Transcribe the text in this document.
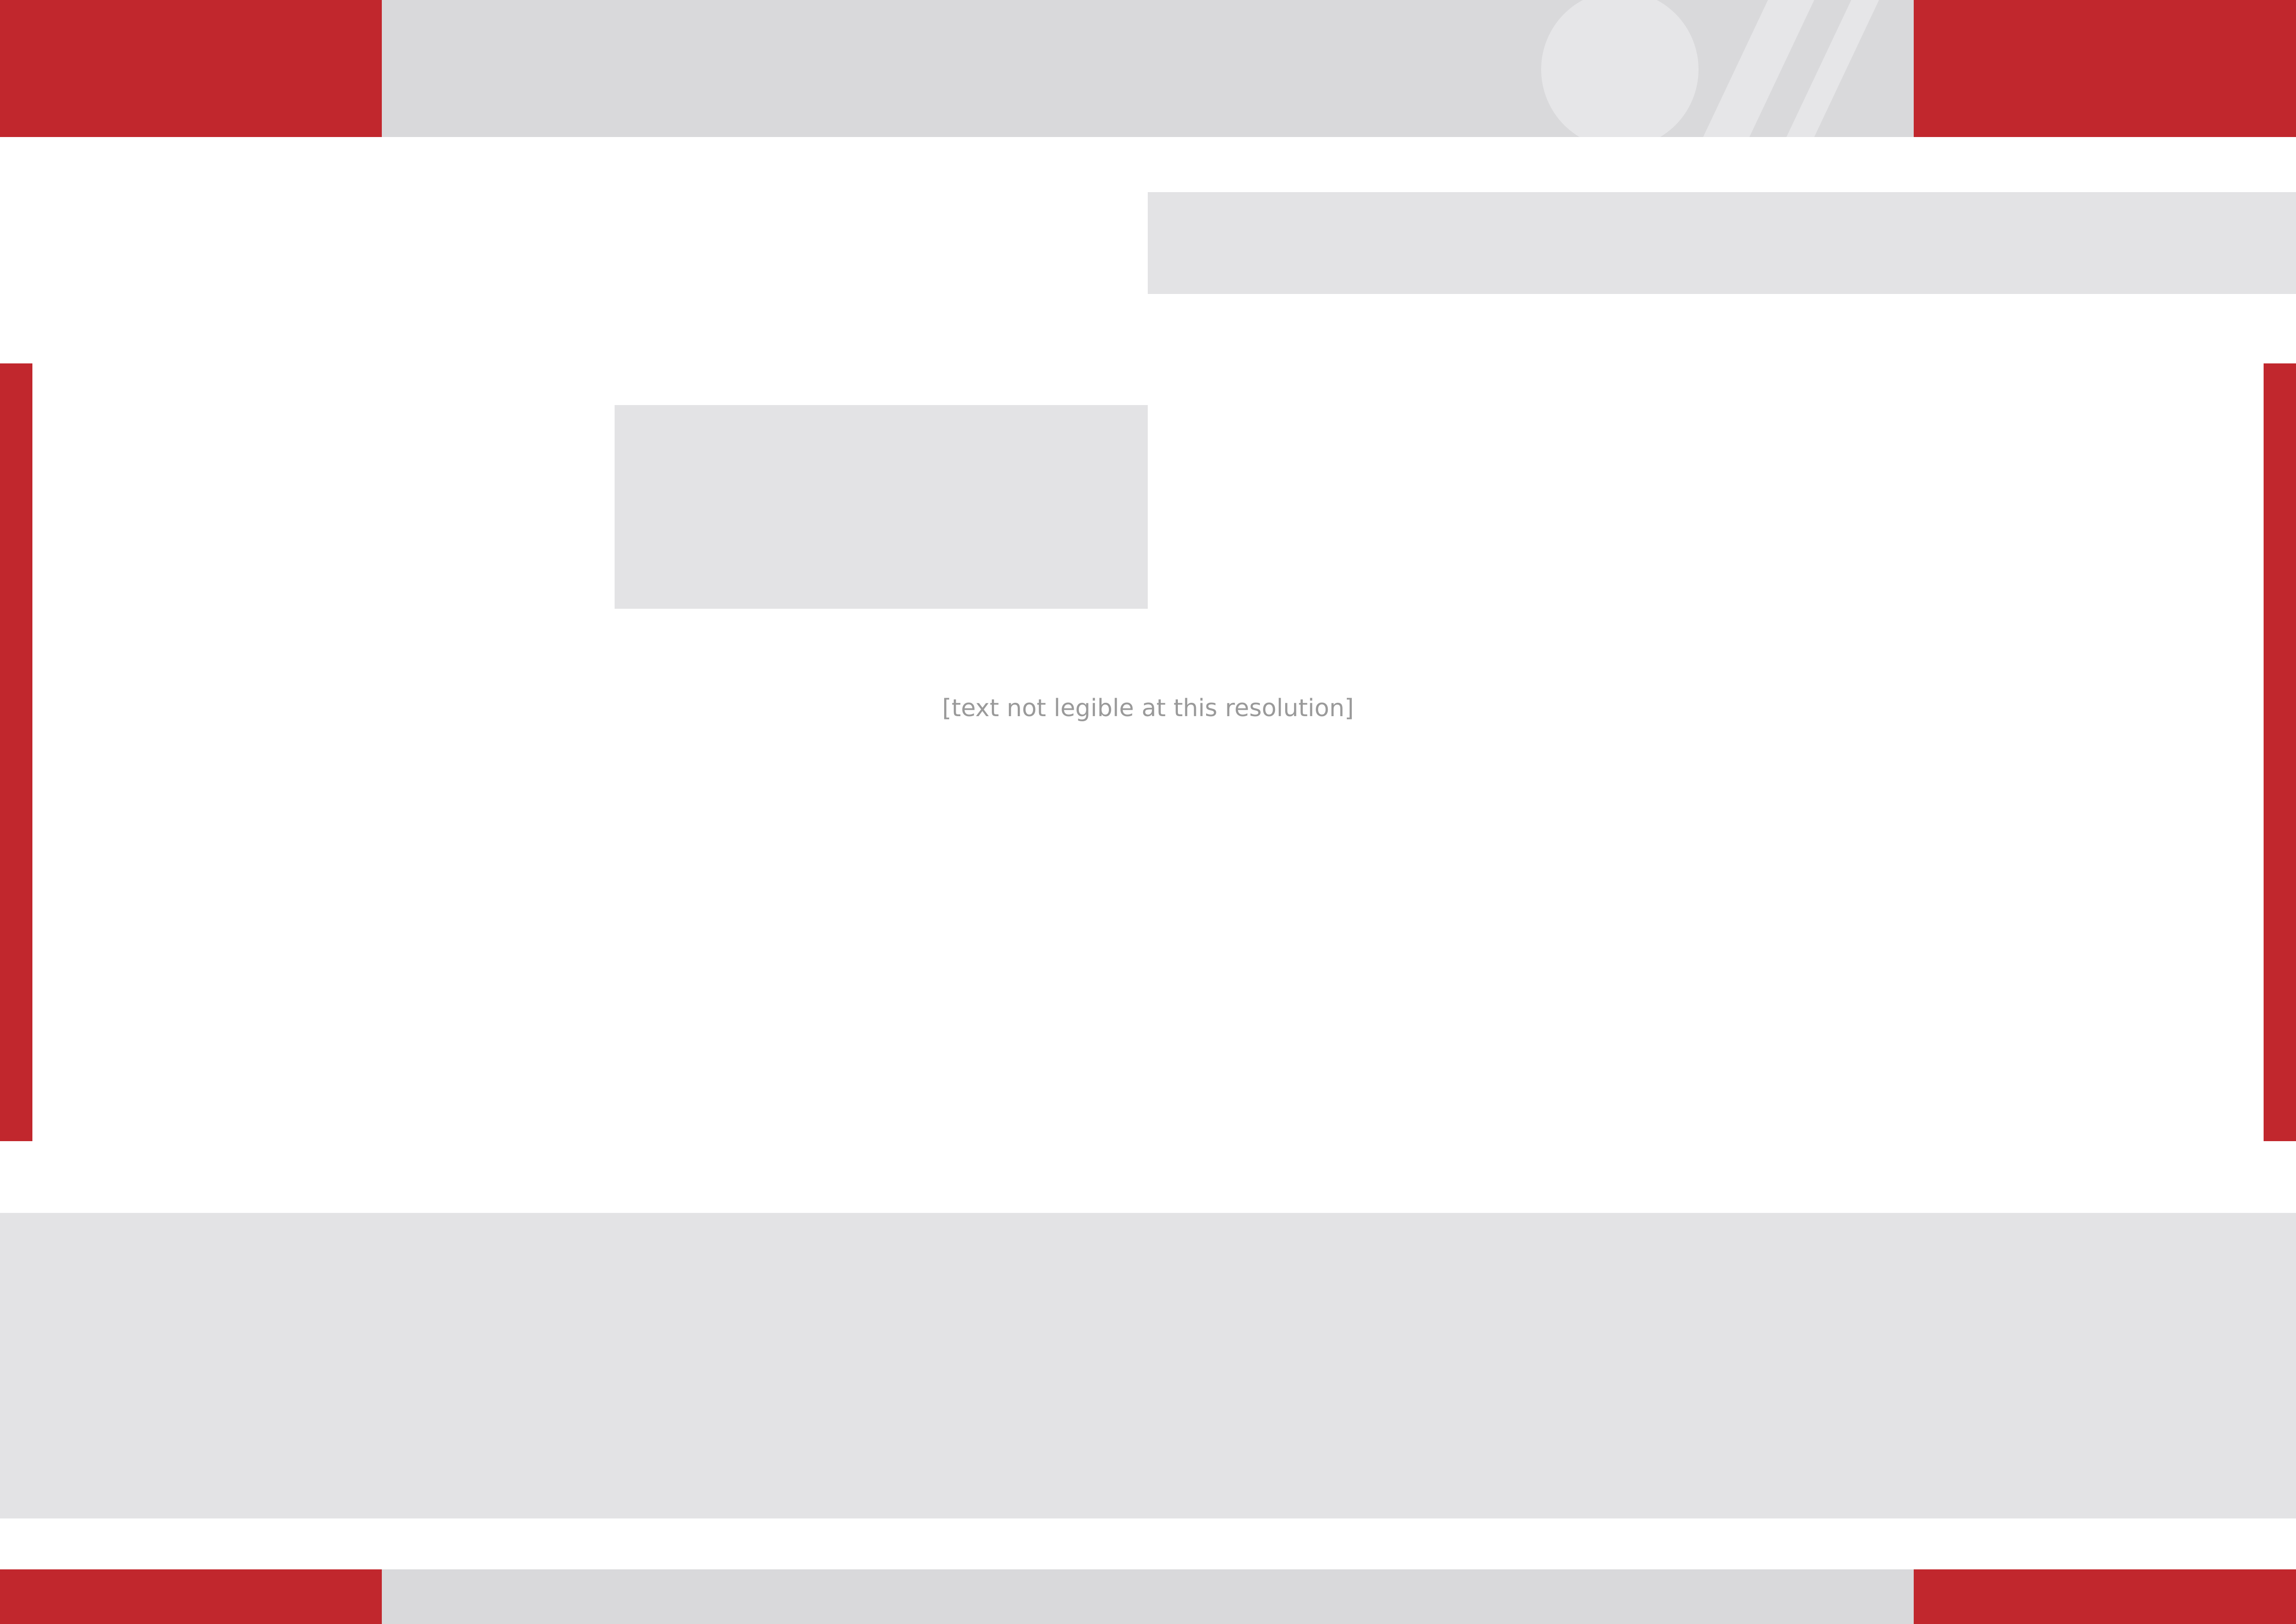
[text not legible at this resolution]
